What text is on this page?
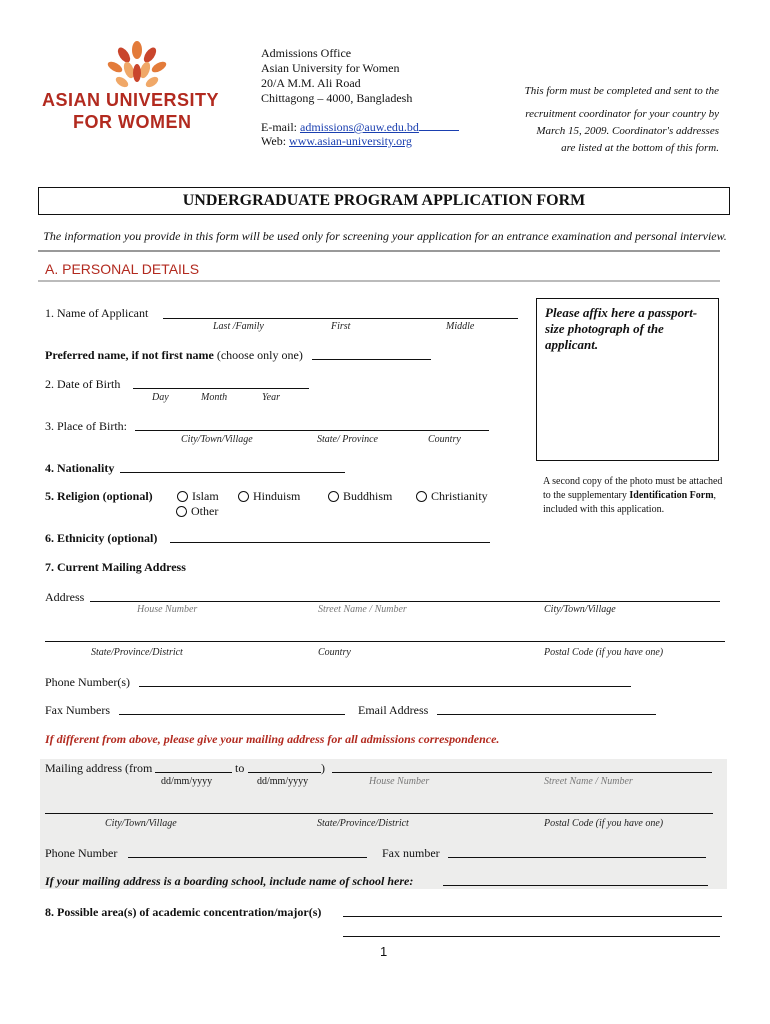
ASIAN UNIVERSITY
FOR WOMEN
Admissions Office
Asian University for Women
20/A M.M. Ali Road
Chittagong – 4000, Bangladesh
E-mail: admissions@auw.edu.bd
Web: www.asian-university.org
This form must be completed and sent to the
recruitment coordinator for your country by
March 15, 2009. Coordinator's addresses
are listed at the bottom of this form.
UNDERGRADUATE PROGRAM APPLICATION FORM
The information you provide in this form will be used only for screening your application for an entrance examination and personal interview.
A. PERSONAL DETAILS
Please affix here a passport-size photograph of the applicant.
A second copy of the photo must be attached to the supplementary Identification Form, included with this application.
1. Name of Applicant
Last /Family	First	Middle
Preferred name, if not first name (choose only one)
2. Date of Birth
Day	Month	Year
3. Place of Birth:
City/Town/Village	State/ Province	Country
4. Nationality
5. Religion (optional)	Islam	Hinduism	Buddhism	Christianity
Other
6. Ethnicity (optional)
7. Current Mailing Address
Address
House Number	Street Name / Number	City/Town/Village
State/Province/District	Country	Postal Code (if you have one)
Phone Number(s)
Fax Numbers	Email Address
If different from above, please give your mailing address for all admissions correspondence.
Mailing address (from	to	)
dd/mm/yyyy	dd/mm/yyyy	House Number	Street Name / Number
City/Town/Village	State/Province/District	Postal Code (if you have one)
Phone Number	Fax number
If your mailing address is a boarding school, include name of school here:
8. Possible area(s) of academic concentration/major(s)
1
